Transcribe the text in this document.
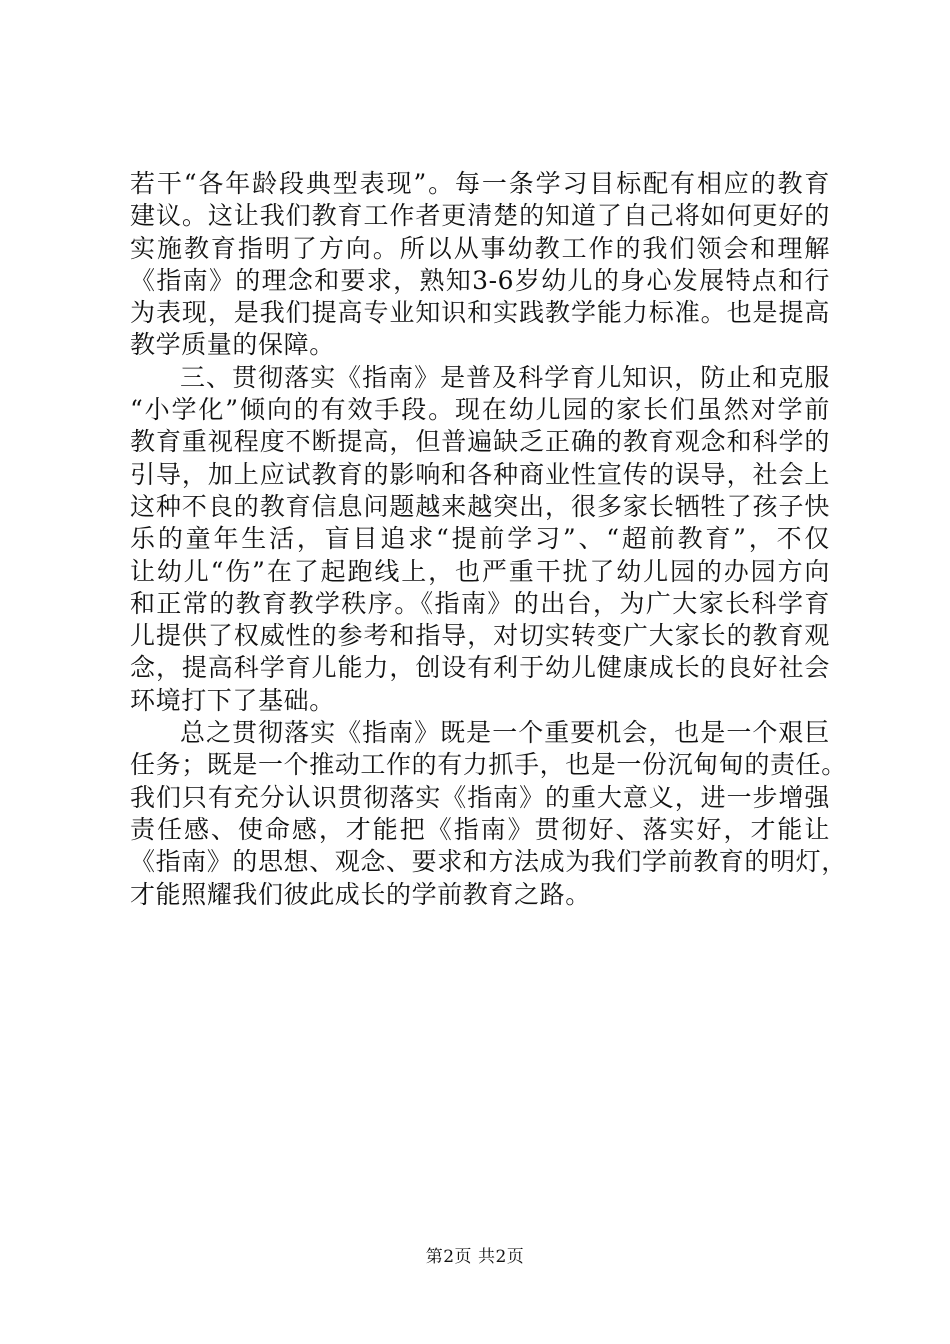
若干“各年龄段典型表现”。每一条学习目标配有相应的教育
建议。这让我们教育工作者更清楚的知道了自己将如何更好的
实施教育指明了方向。所以从事幼教工作的我们领会和理解
《指南》的理念和要求，熟知3-6岁幼儿的身心发展特点和行
为表现，是我们提高专业知识和实践教学能力标准。也是提高
教学质量的保障。
三、贯彻落实《指南》是普及科学育儿知识，防止和克服
“小学化”倾向的有效手段。现在幼儿园的家长们虽然对学前
教育重视程度不断提高，但普遍缺乏正确的教育观念和科学的
引导，加上应试教育的影响和各种商业性宣传的误导，社会上
这种不良的教育信息问题越来越突出，很多家长牺牲了孩子快
乐的童年生活，盲目追求“提前学习”、“超前教育”，不仅
让幼儿“伤”在了起跑线上，也严重干扰了幼儿园的办园方向
和正常的教育教学秩序。《指南》的出台，为广大家长科学育
儿提供了权威性的参考和指导，对切实转变广大家长的教育观
念，提高科学育儿能力，创设有利于幼儿健康成长的良好社会
环境打下了基础。
总之贯彻落实《指南》既是一个重要机会，也是一个艰巨
任务；既是一个推动工作的有力抓手，也是一份沉甸甸的责任。
我们只有充分认识贯彻落实《指南》的重大意义，进一步增强
责任感、使命感，才能把《指南》贯彻好、落实好，才能让
《指南》的思想、观念、要求和方法成为我们学前教育的明灯，
才能照耀我们彼此成长的学前教育之路。
第2页 共2页
